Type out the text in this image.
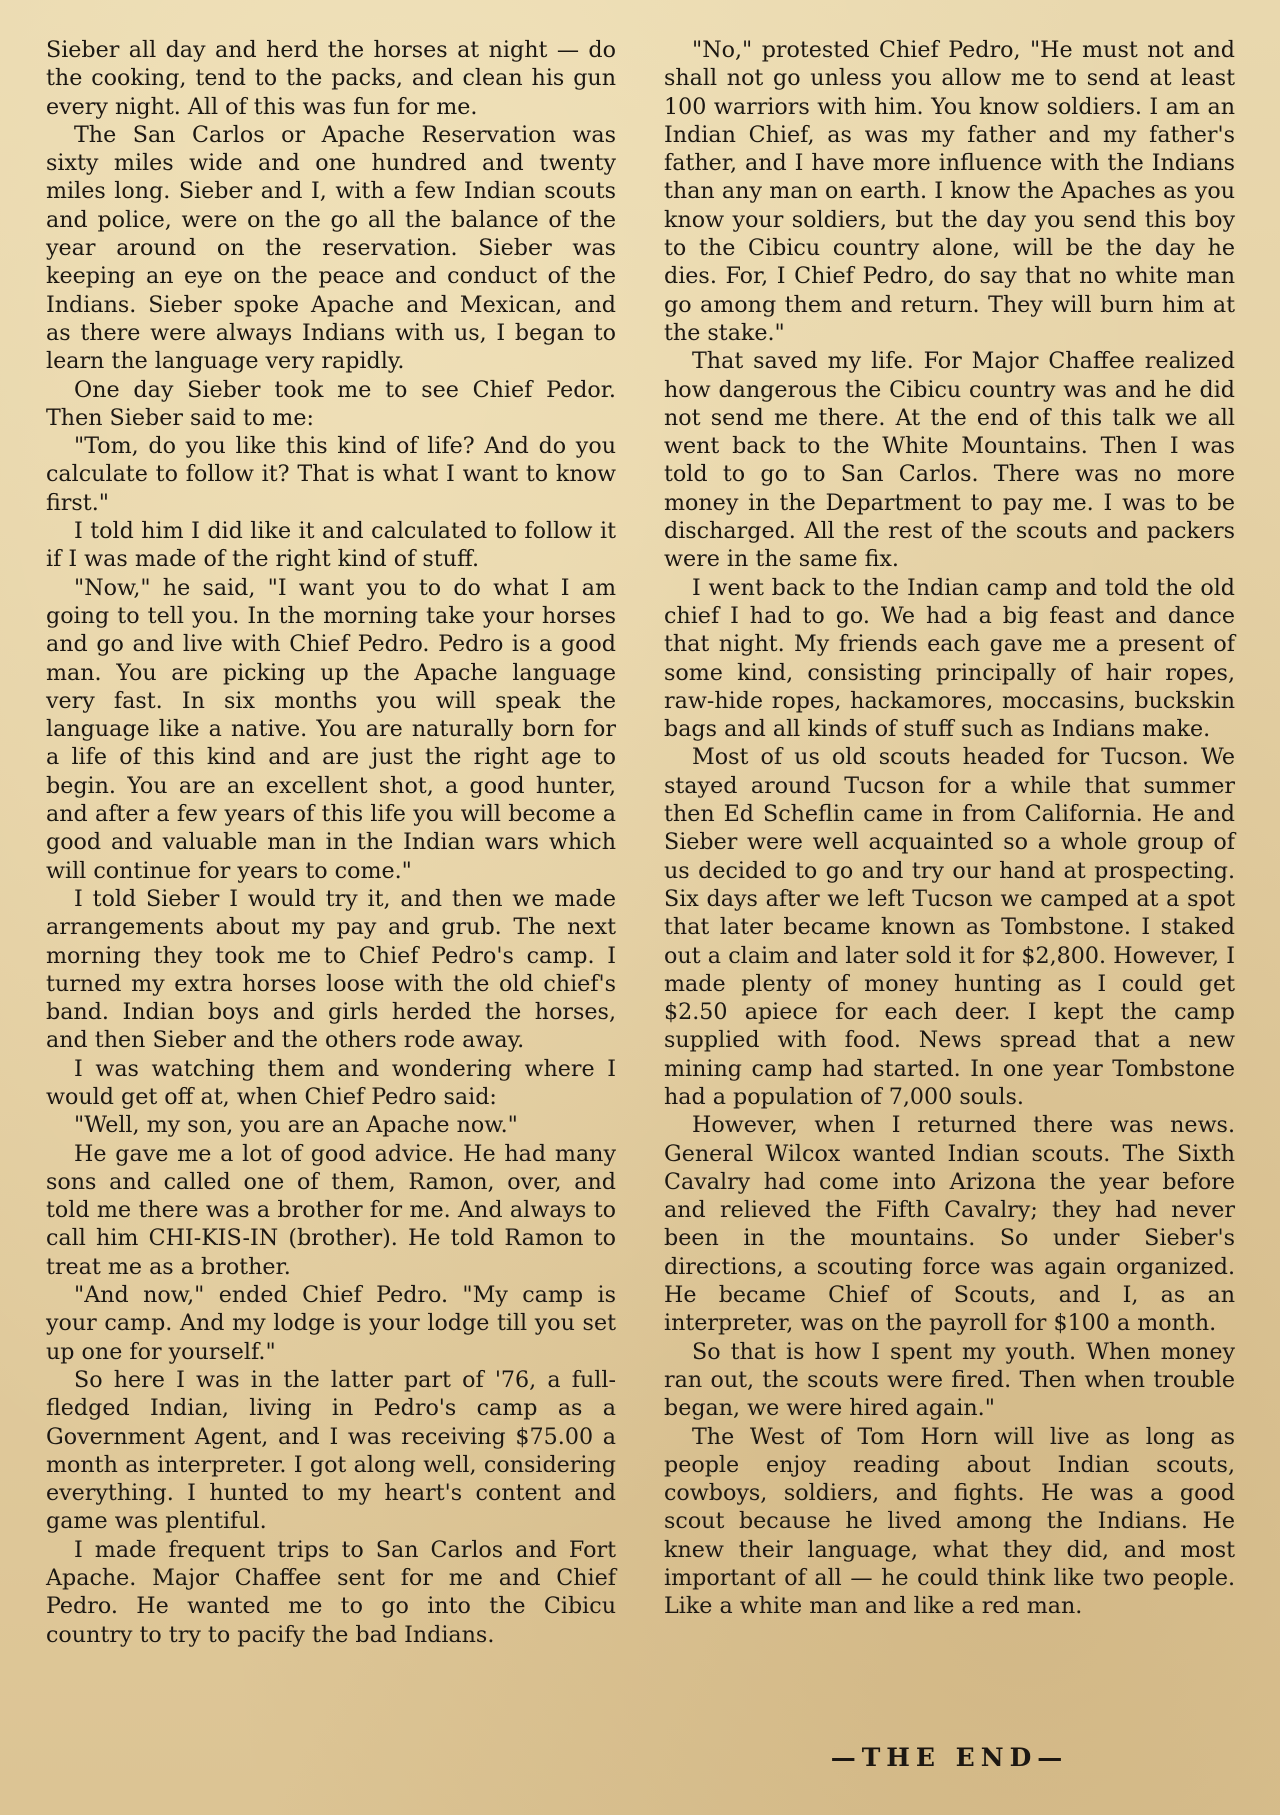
Sieber all day and herd the horses at night — do the cooking, tend to the packs, and clean his gun every night. All of this was fun for me.

The San Carlos or Apache Reservation was sixty miles wide and one hundred and twenty miles long. Sieber and I, with a few Indian scouts and police, were on the go all the balance of the year around on the reservation. Sieber was keeping an eye on the peace and conduct of the Indians. Sieber spoke Apache and Mexican, and as there were always Indians with us, I began to learn the language very rapidly.

One day Sieber took me to see Chief Pedor. Then Sieber said to me:

"Tom, do you like this kind of life? And do you calculate to follow it? That is what I want to know first."

I told him I did like it and calculated to follow it if I was made of the right kind of stuff.

"Now," he said, "I want you to do what I am going to tell you. In the morning take your horses and go and live with Chief Pedro. Pedro is a good man. You are picking up the Apache language very fast. In six months you will speak the language like a native. You are naturally born for a life of this kind and are just the right age to begin. You are an excellent shot, a good hunter, and after a few years of this life you will become a good and valuable man in the Indian wars which will continue for years to come."

I told Sieber I would try it, and then we made arrangements about my pay and grub. The next morning they took me to Chief Pedro's camp. I turned my extra horses loose with the old chief's band. Indian boys and girls herded the horses, and then Sieber and the others rode away.

I was watching them and wondering where I would get off at, when Chief Pedro said:

"Well, my son, you are an Apache now."

He gave me a lot of good advice. He had many sons and called one of them, Ramon, over, and told me there was a brother for me. And always to call him CHI-KIS-IN (brother). He told Ramon to treat me as a brother.

"And now," ended Chief Pedro. "My camp is your camp. And my lodge is your lodge till you set up one for yourself."

So here I was in the latter part of '76, a full-fledged Indian, living in Pedro's camp as a Government Agent, and I was receiving $75.00 a month as interpreter. I got along well, considering everything. I hunted to my heart's content and game was plentiful.

I made frequent trips to San Carlos and Fort Apache. Major Chaffee sent for me and Chief Pedro. He wanted me to go into the Cibicu country to try to pacify the bad Indians.

"No," protested Chief Pedro, "He must not and shall not go unless you allow me to send at least 100 warriors with him. You know soldiers. I am an Indian Chief, as was my father and my father's father, and I have more influence with the Indians than any man on earth. I know the Apaches as you know your soldiers, but the day you send this boy to the Cibicu country alone, will be the day he dies. For, I Chief Pedro, do say that no white man go among them and return. They will burn him at the stake."

That saved my life. For Major Chaffee realized how dangerous the Cibicu country was and he did not send me there. At the end of this talk we all went back to the White Mountains. Then I was told to go to San Carlos. There was no more money in the Department to pay me. I was to be discharged. All the rest of the scouts and packers were in the same fix.

I went back to the Indian camp and told the old chief I had to go. We had a big feast and dance that night. My friends each gave me a present of some kind, consisting principally of hair ropes, raw-hide ropes, hackamores, moccasins, buckskin bags and all kinds of stuff such as Indians make.

Most of us old scouts headed for Tucson. We stayed around Tucson for a while that summer then Ed Scheflin came in from California. He and Sieber were well acquainted so a whole group of us decided to go and try our hand at prospecting. Six days after we left Tucson we camped at a spot that later became known as Tombstone. I staked out a claim and later sold it for $2,800. However, I made plenty of money hunting as I could get $2.50 apiece for each deer. I kept the camp supplied with food. News spread that a new mining camp had started. In one year Tombstone had a population of 7,000 souls.

However, when I returned there was news. General Wilcox wanted Indian scouts. The Sixth Cavalry had come into Arizona the year before and relieved the Fifth Cavalry; they had never been in the mountains. So under Sieber's directions, a scouting force was again organized. He became Chief of Scouts, and I, as an interpreter, was on the payroll for $100 a month.

So that is how I spent my youth. When money ran out, the scouts were fired. Then when trouble began, we were hired again."

The West of Tom Horn will live as long as people enjoy reading about Indian scouts, cowboys, soldiers, and fights. He was a good scout because he lived among the Indians. He knew their language, what they did, and most important of all — he could think like two people. Like a white man and like a red man.

—THE END—
